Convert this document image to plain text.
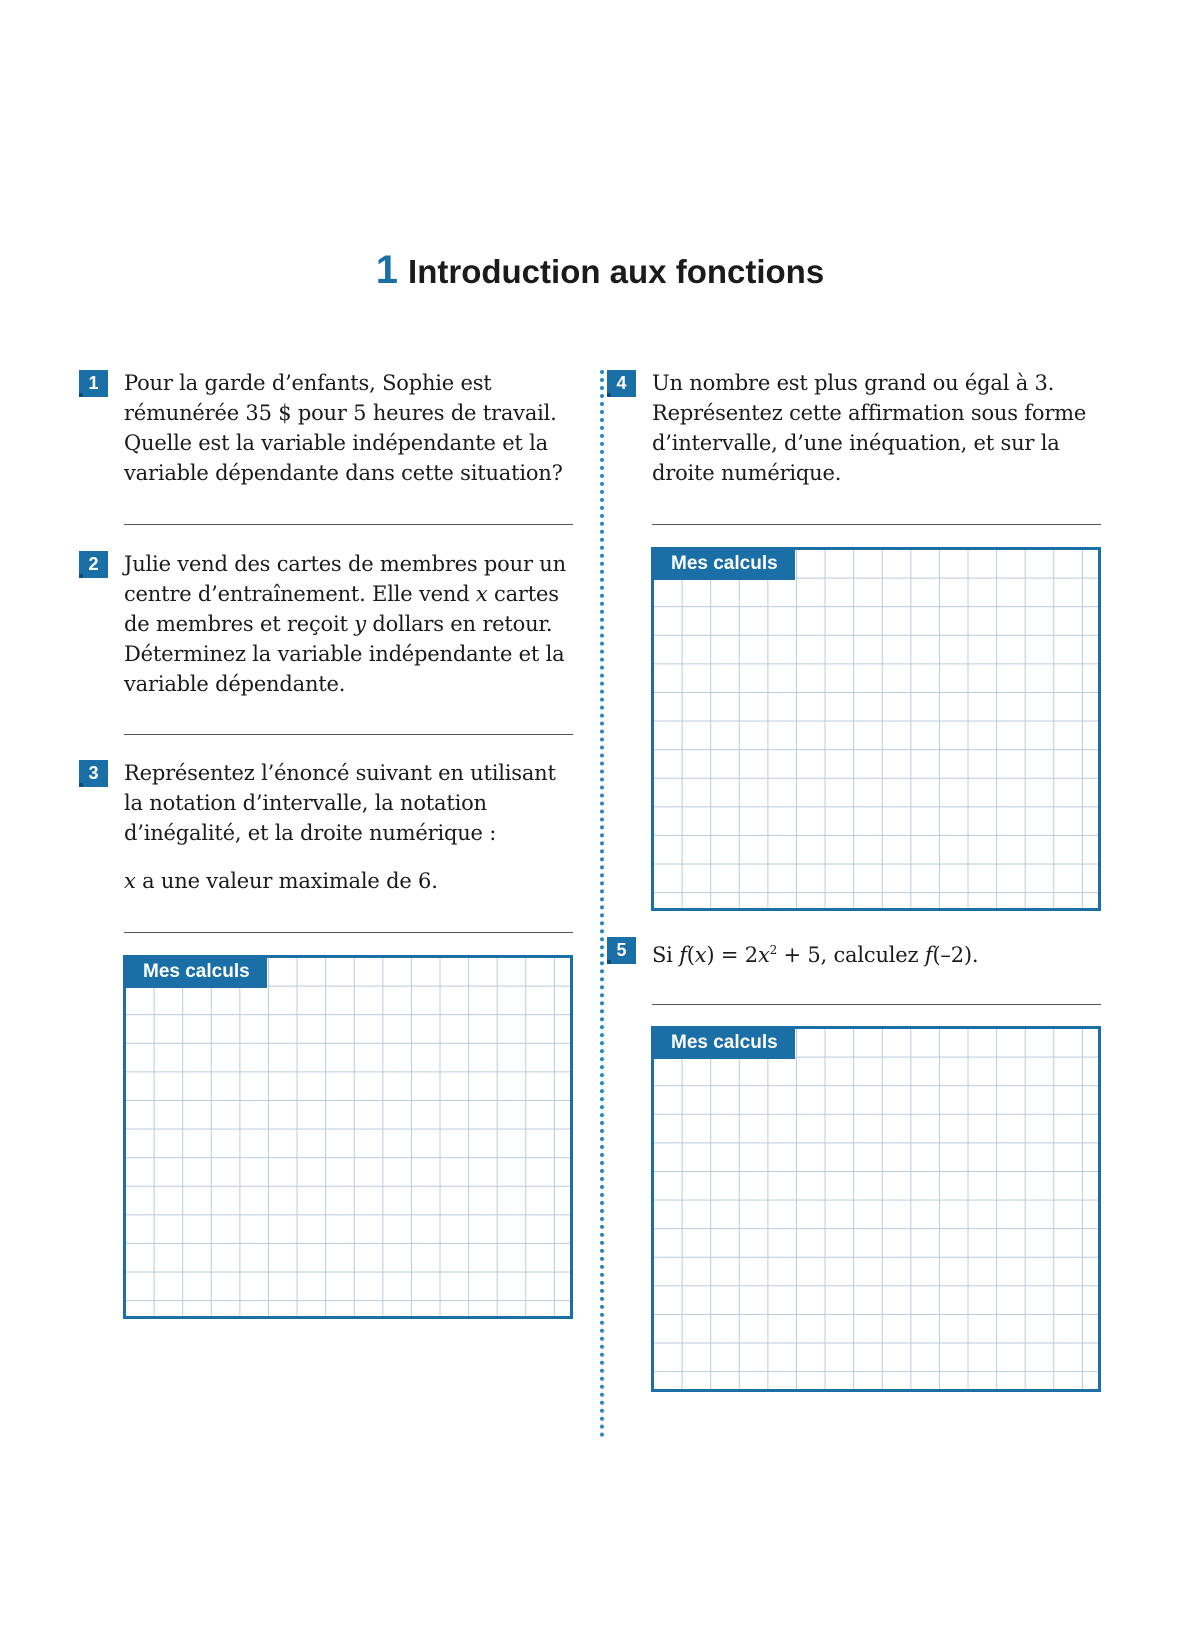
1 Introduction aux fonctions
1	Pour la garde d’enfants, Sophie est

rémunérée 35 $ pour 5 heures de travail.

Quelle est la variable indépendante et la

variable dépendante dans cette situation?

2	Julie vend des cartes de membres pour un

centre d’entraînement. Elle vend x cartes

de membres et reçoit y dollars en retour.

Déterminez la variable indépendante et la

variable dépendante.

3	Représentez l’énoncé suivant en utilisant

la notation d’intervalle, la notation

d’inégalité, et la droite numérique :

x a une valeur maximale de 6.

Mes calculs
4	Un nombre est plus grand ou égal à 3.

Représentez cette affirmation sous forme

d’intervalle, d’une inéquation, et sur la

droite numérique.

Mes calculs
5	Si $f(x) = 2x^2 + 5$, calculez f(–2).

Mes calculs
